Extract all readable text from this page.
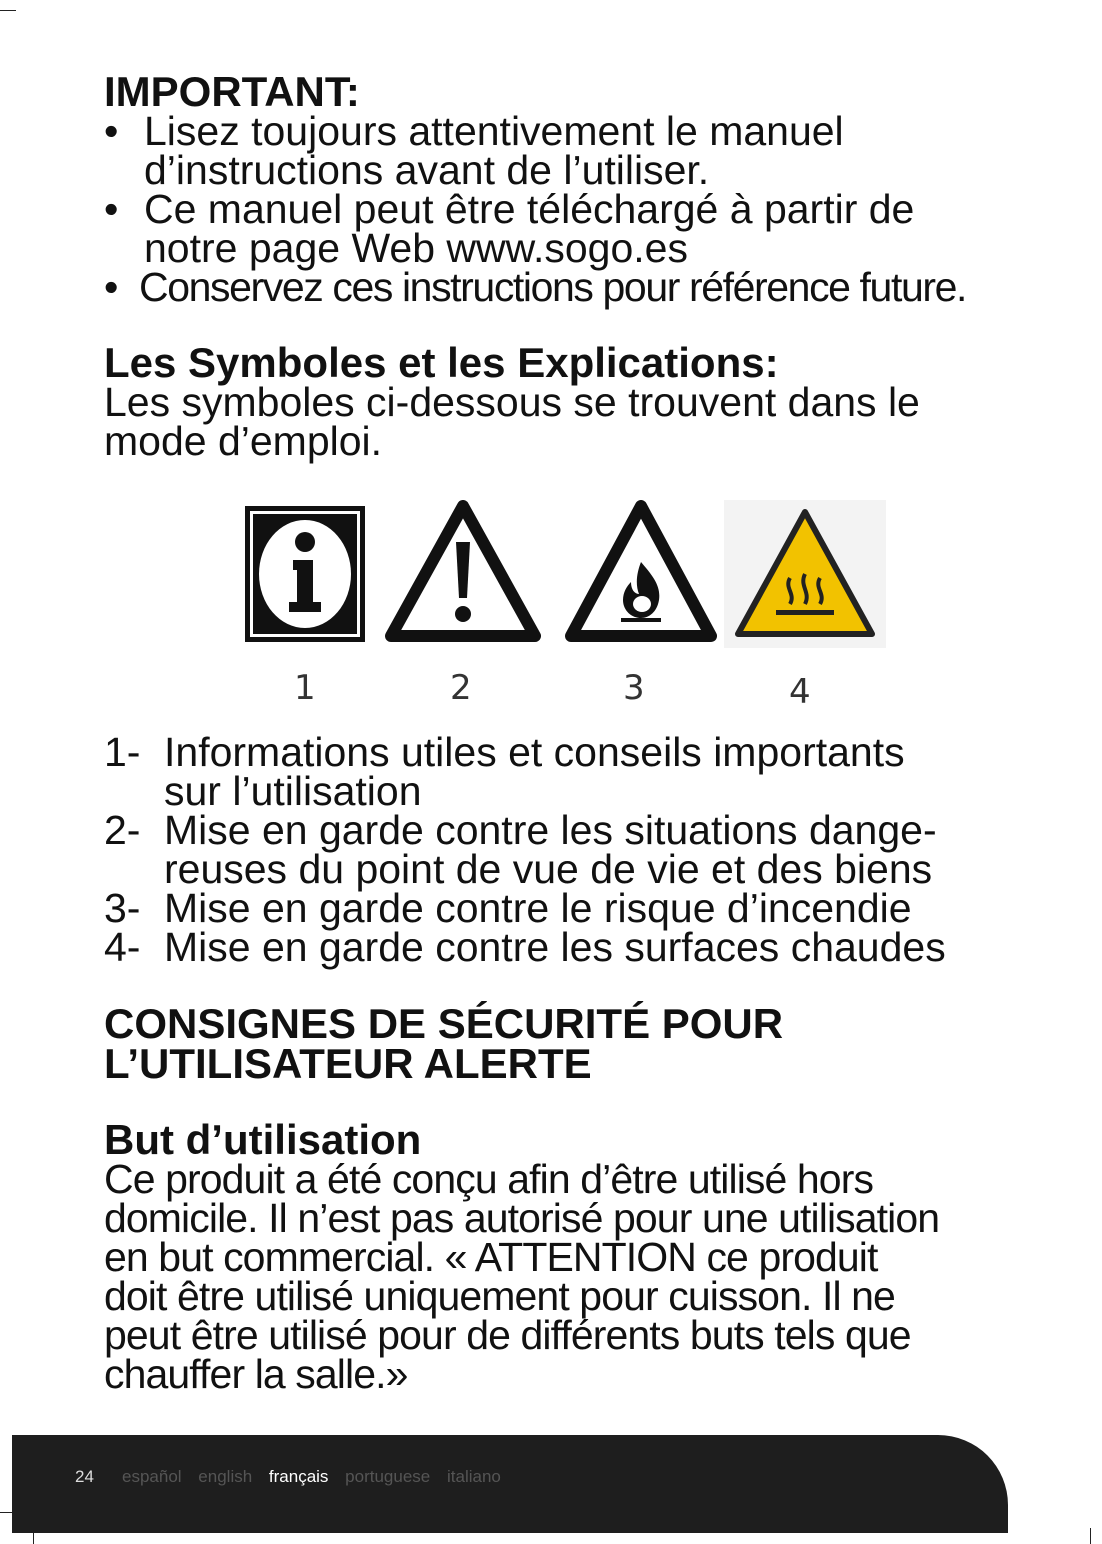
IMPORTANT:

• Lisez toujours attentivement le manuel
d’instructions avant de l’utiliser.
• Ce manuel peut être téléchargé à partir de
notre page Web www.sogo.es
• Conservez ces instructions pour référence future.

Les Symboles et les Explications:

Les symboles ci-dessous se trouvent dans le
mode d’emploi.

1	2	3	4
1- Informations utiles et conseils importants
sur l’utilisation
2- Mise en garde contre les situations dange-
reuses du point de vue de vie et des biens
3- Mise en garde contre le risque d’incendie
4- Mise en garde contre les surfaces chaudes

CONSIGNES DE SÉCURITÉ POUR
L’UTILISATEUR ALERTE

But d’utilisation

Ce produit a été conçu afin d’être utilisé hors
domicile. Il n’est pas autorisé pour une utilisation
en but commercial. « ATTENTION ce produit
doit être utilisé uniquement pour cuisson. Il ne
peut être utilisé pour de différents buts tels que
chauffer la salle.»

24 español english français portuguese italiano
